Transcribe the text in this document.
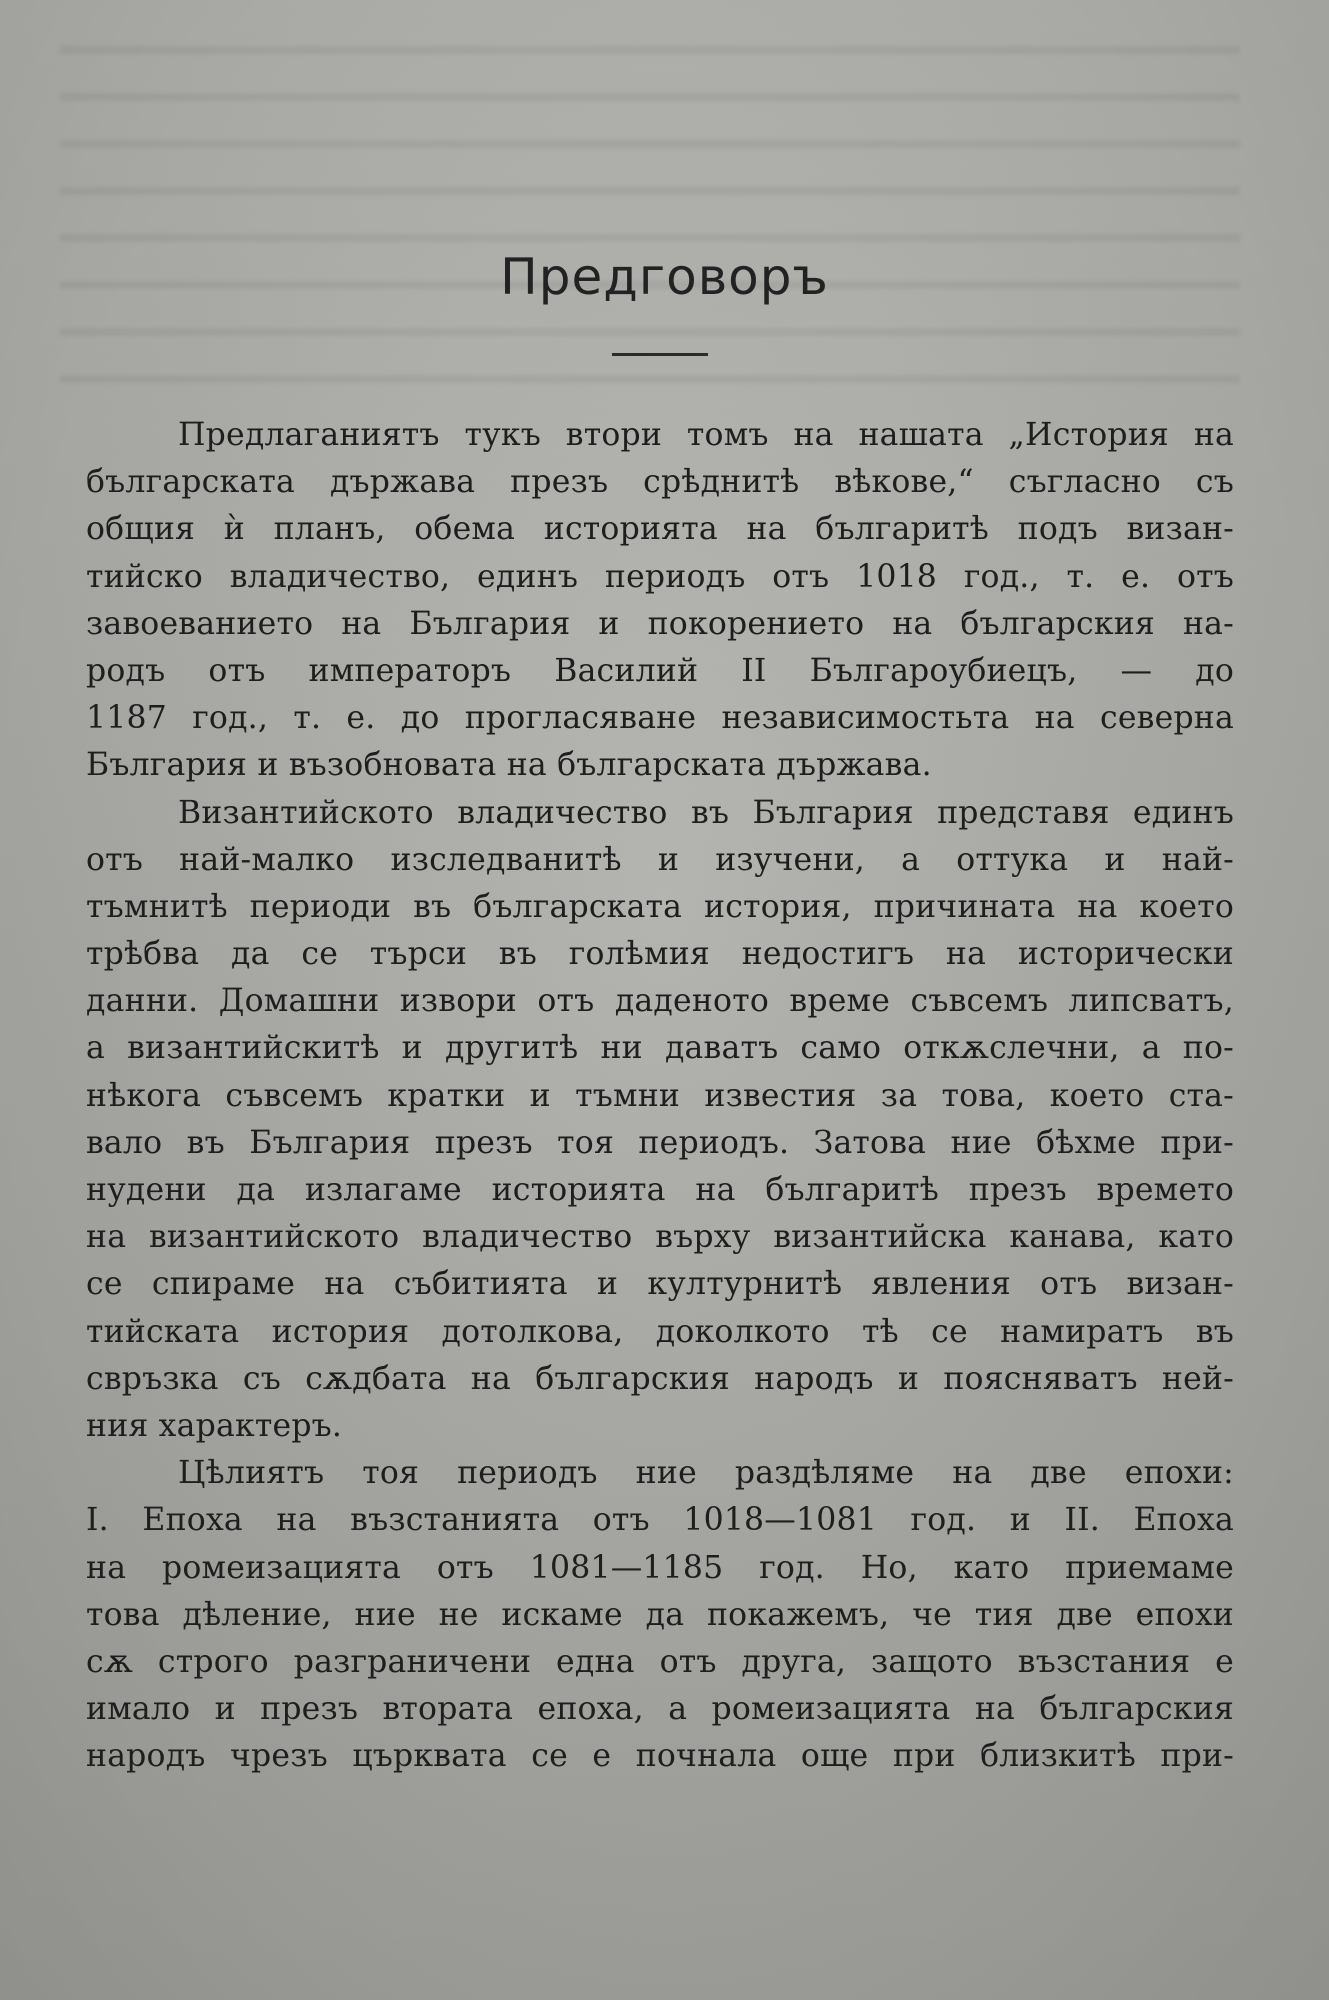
Предговоръ
Предлаганиятъ тукъ втори томъ на нашата „История на
българската държава презъ срѣднитѣ вѣкове,“ съгласно съ
общия ѝ планъ, обема историята на българитѣ подъ визан-
тийско владичество, единъ периодъ отъ 1018 год., т. е. отъ
завоеванието на България и покорението на българския на-
родъ отъ императоръ Василий II Българоубиецъ, — до
1187 год., т. е. до прогласяване независимостьта на северна
България и възобновата на българската държава.
Византийското владичество въ България представя единъ
отъ най-малко изследванитѣ и изучени, а оттука и най-
тъмнитѣ периоди въ българската история, причината на което
трѣбва да се търси въ голѣмия недостигъ на исторически
данни. Домашни извори отъ даденото време съвсемъ липсватъ,
а византийскитѣ и другитѣ ни даватъ само откѫслечни, а по-
нѣкога съвсемъ кратки и тъмни известия за това, което ста-
вало въ България презъ тоя периодъ. Затова ние бѣхме при-
нудени да излагаме историята на българитѣ презъ времето
на византийското владичество върху византийска канава, като
се спираме на събитията и културнитѣ явления отъ визан-
тийската история дотолкова, доколкото тѣ се намиратъ въ
свръзка съ сѫдбата на българския народъ и поясняватъ ней-
ния характеръ.
Цѣлиятъ тоя периодъ ние раздѣляме на две епохи:
I. Епоха на възстанията отъ 1018—1081 год. и II. Епоха
на ромеизацията отъ 1081—1185 год. Но, като приемаме
това дѣление, ние не искаме да покажемъ, че тия две епохи
сѫ строго разграничени една отъ друга, защото възстания е
имало и презъ втората епоха, а ромеизацията на българския
народъ чрезъ църквата се е почнала още при близкитѣ при-
